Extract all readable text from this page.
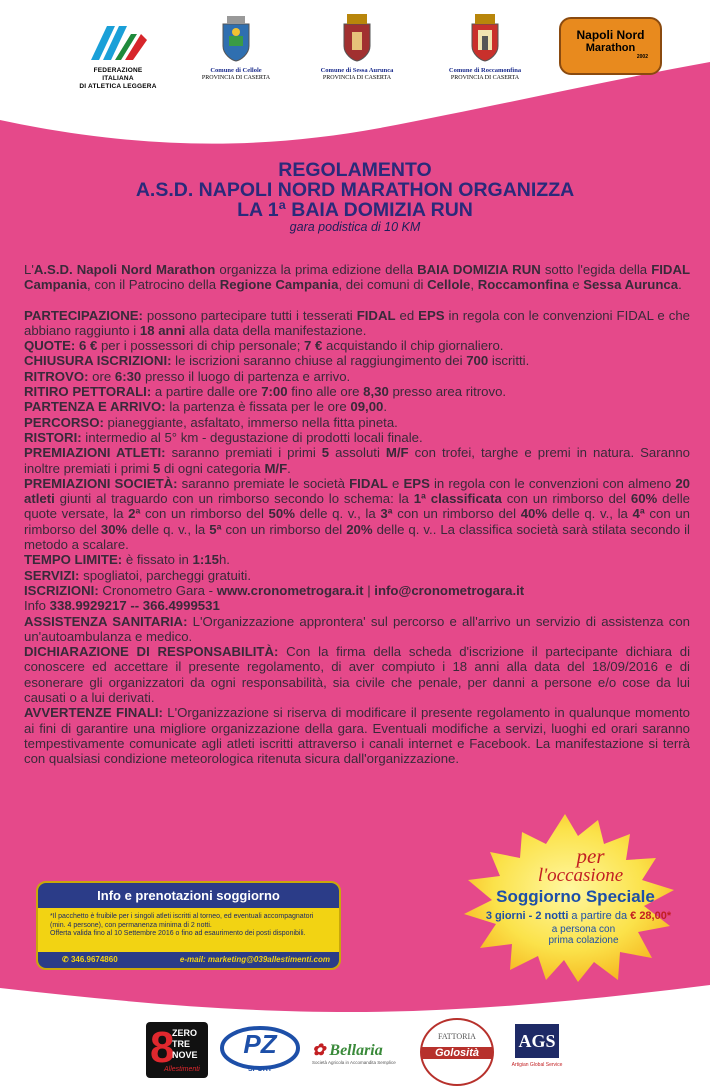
FEDERAZIONE ITALIANA
DI ATLETICA LEGGERA
Comune di Cellole
PROVINCIA DI CASERTA
Comune di Sessa Aurunca
PROVINCIA DI CASERTA
Comune di Roccamonfina
PROVINCIA DI CASERTA
Napoli Nord
Marathon
2002
REGOLAMENTO
A.S.D. NAPOLI NORD MARATHON ORGANIZZA
LA 1ª BAIA DOMIZIA RUN
gara podistica di 10 KM

L'A.S.D. Napoli Nord Marathon organizza la prima edizione della BAIA DOMIZIA RUN sotto l'egida della FIDAL Campania, con il Patrocino della Regione Campania, dei comuni di Cellole, Roccamonfina e Sessa Aurunca.

PARTECIPAZIONE: possono partecipare tutti i tesserati FIDAL ed EPS in regola con le convenzioni FIDAL e che abbiano raggiunto i 18 anni alla data della manifestazione.

QUOTE: 6 € per i possessori di chip personale; 7 € acquistando il chip giornaliero.

CHIUSURA ISCRIZIONI: le iscrizioni saranno chiuse al raggiungimento dei 700 iscritti.

RITROVO: ore 6:30 presso il luogo di partenza e arrivo.

RITIRO PETTORALI: a partire dalle ore 7:00 fino alle ore 8,30 presso area ritrovo.

PARTENZA E ARRIVO: la partenza è fissata per le ore 09,00.

PERCORSO: pianeggiante, asfaltato, immerso nella fitta pineta.

RISTORI: intermedio al 5° km - degustazione di prodotti locali finale.

PREMIAZIONI ATLETI: saranno premiati i primi 5 assoluti M/F con trofei, targhe e premi in natura. Saranno inoltre premiati i primi 5 di ogni categoria M/F.

PREMIAZIONI SOCIETÀ: saranno premiate le società FIDAL e EPS in regola con le convenzioni con almeno 20 atleti giunti al traguardo con un rimborso secondo lo schema: la 1ª classificata con un rimborso del 60% delle quote versate, la 2ª con un rimborso del 50% delle q. v., la 3ª con un rimborso del 40% delle q. v., la 4ª con un rimborso del 30% delle q. v., la 5ª con un rimborso del 20% delle q. v.. La classifica società sarà stilata secondo il metodo a scalare.

TEMPO LIMITE: è fissato in 1:15h.

SERVIZI: spogliatoi, parcheggi gratuiti.

ISCRIZIONI: Cronometro Gara - www.cronometrogara.it | info@cronometrogara.it

Info 338.9929217 -- 366.4999531

ASSISTENZA SANITARIA: L'Organizzazione approntera' sul percorso e all'arrivo un servizio di assistenza con un'autoambulanza e medico.

DICHIARAZIONE DI RESPONSABILITÀ: Con la firma della scheda d'iscrizione il partecipante dichiara di conoscere ed accettare il presente regolamento, di aver compiuto i 18 anni alla data del 18/09/2016 e di esonerare gli organizzatori da ogni responsabilità, sia civile che penale, per danni a persone e/o cose da lui causati o a lui derivati.

AVVERTENZE FINALI: L'Organizzazione si riserva di modificare il presente regolamento in qualunque momento ai fini di garantire una migliore organizzazione della gara. Eventuali modifiche a servizi, luoghi ed orari saranno tempestivamente comunicate agli atleti iscritti attraverso i canali internet e Facebook. La manifestazione si terrà con qualsiasi condizione meteorologica ritenuta sicura dall'organizzazione.

Info e prenotazioni soggiorno
*Il pacchetto è fruibile per i singoli atleti iscritti al torneo, ed eventuali accompagnatori (min. 4 persone), con permanenza minima di 2 notti.
Offerta valida fino al 10 Settembre 2016 o fino ad esaurimento dei posti disponibili.
✆ 346.9674860	e-mail: marketing@039allestimenti.com
per
l'occasione
Soggiorno Speciale
3 giorni - 2 notti a partire da € 28,00*
a persona con
prima colazione
8
ZERO
TRE
NOVE
Allestimenti
PZ
SPORT
✿ Bellaria
Società Agricola in Accomandita Semplice
FATTORIA
Golosità
AGS
Artigian Global Service
